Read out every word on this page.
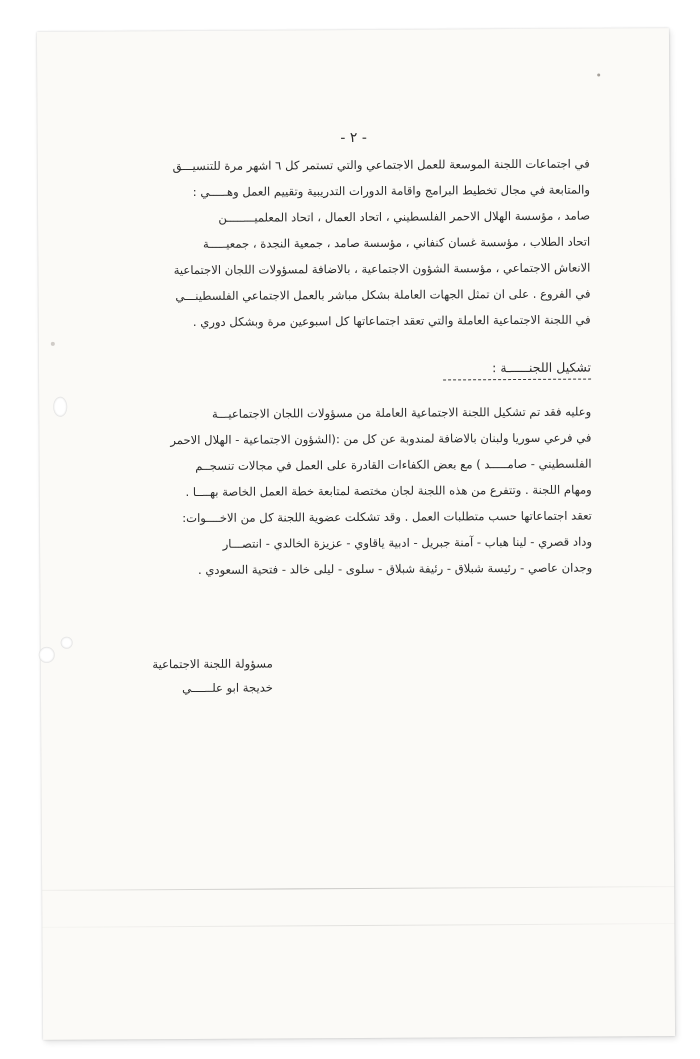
- ٢ -
في اجتماعات اللجنة الموسعة للعمل الاجتماعي والتي تستمر كل ٦ اشهر مرة للتنسيـــق
والمتابعة في مجال تخطيط البرامج واقامة الدورات التدريبية وتقييم العمل وهـــــي :
صامد ، مؤسسة الهلال الاحمر الفلسطيني ، اتحاد العمال ، اتحاد المعلميــــــــن
اتحاد الطلاب ، مؤسسة غسان كنفاني ، مؤسسة صامد ، جمعية النجدة ، جمعيـــــة
الانعاش الاجتماعي ، مؤسسة الشؤون الاجتماعية ، بالاضافة لمسؤولات اللجان الاجتماعية
في الفروع . على ان تمثل الجهات العاملة بشكل مباشر بالعمل الاجتماعي الفلسطينـــي
في اللجنة الاجتماعية العاملة والتي تعقد اجتماعاتها كل اسبوعين مرة وبشكل دوري .
تشكيل اللجنــــــة :
وعليه فقد تم تشكيل اللجنة الاجتماعية العاملة من مسؤولات اللجان الاجتماعيـــة
في فرعي سوريا ولبنان بالاضافة لمندوبة عن كل من :(الشؤون الاجتماعية - الهلال الاحمر
الفلسطيني - صامـــــد ) مع بعض الكفاءات القادرة على العمل في مجالات تنسجــم
ومهام اللجنة . وتتفرع من هذه اللجنة لجان مختصة لمتابعة خطة العمل الخاصة بهــــا .
تعقد اجتماعاتها حسب متطلبات العمل . وقد تشكلت عضوية اللجنة كل من الاخــــوات:
وداد قصري - لينا هباب - آمنة جبريل - ادبية ياقاوي - عزيزة الخالدي - انتصـــار
وجدان عاصي - رئيسة شبلاق - رئيفة شبلاق - سلوى - ليلى خالد - فتحية السعودي .
مسؤولة اللجنة الاجتماعية
خديجة ابو علــــــي
